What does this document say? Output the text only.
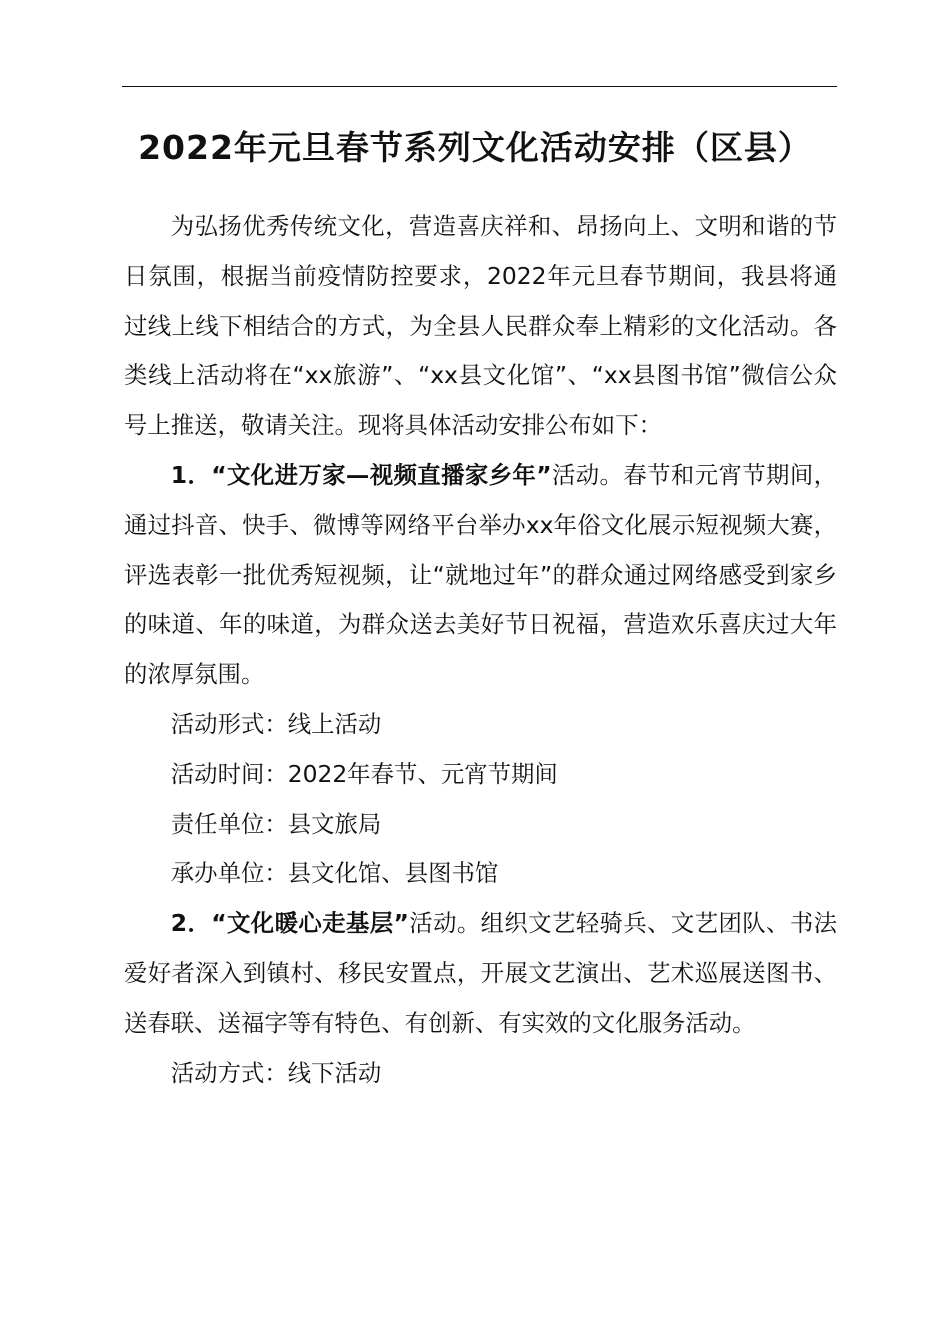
2022年元旦春节系列文化活动安排（区县）

为弘扬优秀传统文化，营造喜庆祥和、昂扬向上、文明和谐的节日氛围，根据当前疫情防控要求，2022年元旦春节期间，我县将通过线上线下相结合的方式，为全县人民群众奉上精彩的文化活动。各类线上活动将在“xx旅游”、“xx县文化馆”、“xx县图书馆”微信公众号上推送，敬请关注。现将具体活动安排公布如下：

1．“文化进万家—视频直播家乡年”活动。春节和元宵节期间，通过抖音、快手、微博等网络平台举办xx年俗文化展示短视频大赛，评选表彰一批优秀短视频，让“就地过年”的群众通过网络感受到家乡的味道、年的味道，为群众送去美好节日祝福，营造欢乐喜庆过大年的浓厚氛围。

活动形式：线上活动
活动时间：2022年春节、元宵节期间
责任单位：县文旅局
承办单位：县文化馆、县图书馆

2．“文化暖心走基层”活动。组织文艺轻骑兵、文艺团队、书法爱好者深入到镇村、移民安置点，开展文艺演出、艺术巡展送图书、送春联、送福字等有特色、有创新、有实效的文化服务活动。

活动方式：线下活动
